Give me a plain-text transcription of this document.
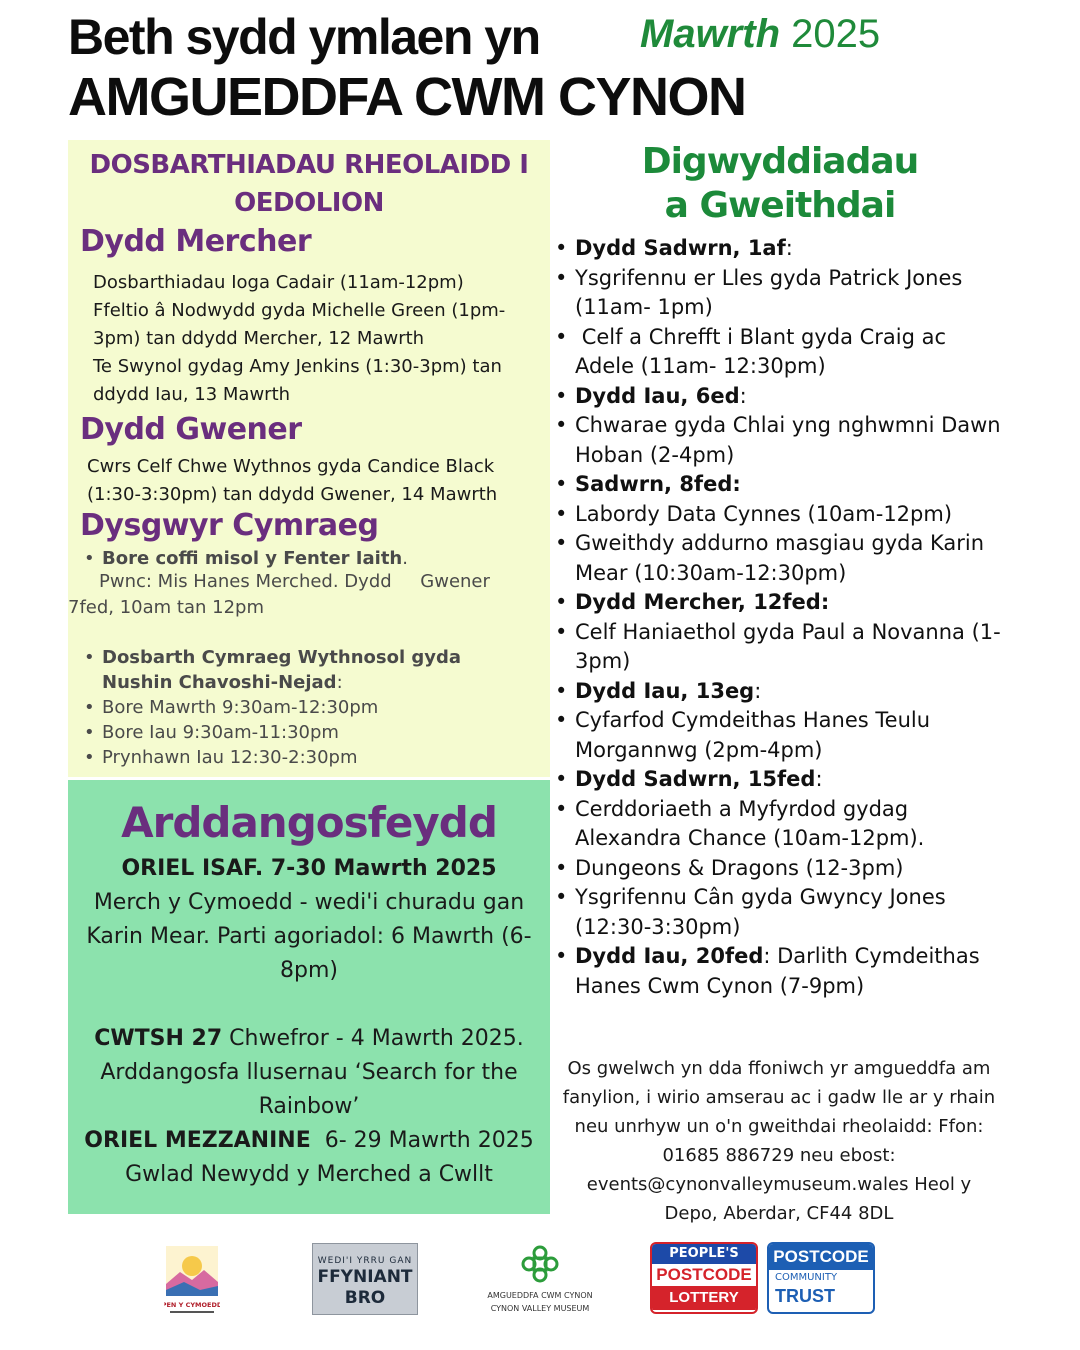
Beth sydd ymlaen yn
AMGUEDDFA CWM CYNON
Mawrth 2025
DOSBARTHIADAU RHEOLAIDD I OEDOLION
Dydd Mercher
Dosbarthiadau Ioga Cadair (11am-12pm)
Ffeltio â Nodwydd gyda Michelle Green (1pm-3pm) tan ddydd Mercher, 12 Mawrth
Te Swynol gydag Amy Jenkins (1:30-3pm) tan ddydd Iau, 13 Mawrth
Dydd Gwener
Cwrs Celf Chwe Wythnos gyda Candice Black (1:30-3:30pm) tan ddydd Gwener, 14 Mawrth
Dysgwyr Cymraeg
• Bore coffi misol y Fenter Iaith.
Pwnc: Mis Hanes Merched. Dydd     Gwener
7fed, 10am tan 12pm
• Dosbarth Cymraeg Wythnosol gyda Nushin Chavoshi-Nejad:
• Bore Mawrth 9:30am-12:30pm
• Bore Iau 9:30am-11:30pm
• Prynhawn Iau 12:30-2:30pm
Arddangosfeydd
ORIEL ISAF. 7-30 Mawrth 2025
Merch y Cymoedd - wedi'i churadu gan Karin Mear. Parti agoriadol: 6 Mawrth (6-8pm)
CWTSH 27 Chwefror - 4 Mawrth 2025. Arddangosfa llusernau ‘Search for the Rainbow’
ORIEL MEZZANINE  6- 29 Mawrth 2025 Gwlad Newydd y Merched a Cwllt
Digwyddiadau
a Gweithdai
• Dydd Sadwrn, 1af:
• Ysgrifennu er Lles gyda Patrick Jones (11am- 1pm)
•  Celf a Chrefft i Blant gyda Craig ac Adele (11am- 12:30pm)
• Dydd Iau, 6ed:
• Chwarae gyda Chlai yng nghwmni Dawn Hoban (2-4pm)
• Sadwrn, 8fed:
• Labordy Data Cynnes (10am-12pm)
• Gweithdy addurno masgiau gyda Karin Mear (10:30am-12:30pm)
• Dydd Mercher, 12fed:
• Celf Haniaethol gyda Paul a Novanna (1-3pm)
• Dydd Iau, 13eg:
• Cyfarfod Cymdeithas Hanes Teulu Morgannwg (2pm-4pm)
• Dydd Sadwrn, 15fed:
• Cerddoriaeth a Myfyrdod gydag Alexandra Chance (10am-12pm).
• Dungeons & Dragons (12-3pm)
• Ysgrifennu Cân gyda Gwyncy Jones (12:30-3:30pm)
• Dydd Iau, 20fed: Darlith Cymdeithas Hanes Cwm Cynon (7-9pm)
Os gwelwch yn dda ffoniwch yr amgueddfa am fanylion, i wirio amserau ac i gadw lle ar y rhain neu unrhyw un o'n gweithdai rheolaidd: Ffon: 01685 886729 neu ebost: events@cynonvalleymuseum.wales Heol y Depo, Aberdar, CF44 8DL
PEN Y CYMOEDD
WEDI'I YRRU GAN
FFYNIANT
BRO	AMGUEDDFA CWM CYNON
CYNON VALLEY MUSEUM
PEOPLE'S
POSTCODE
LOTTERY
POSTCODE
COMMUNITY
TRUST
